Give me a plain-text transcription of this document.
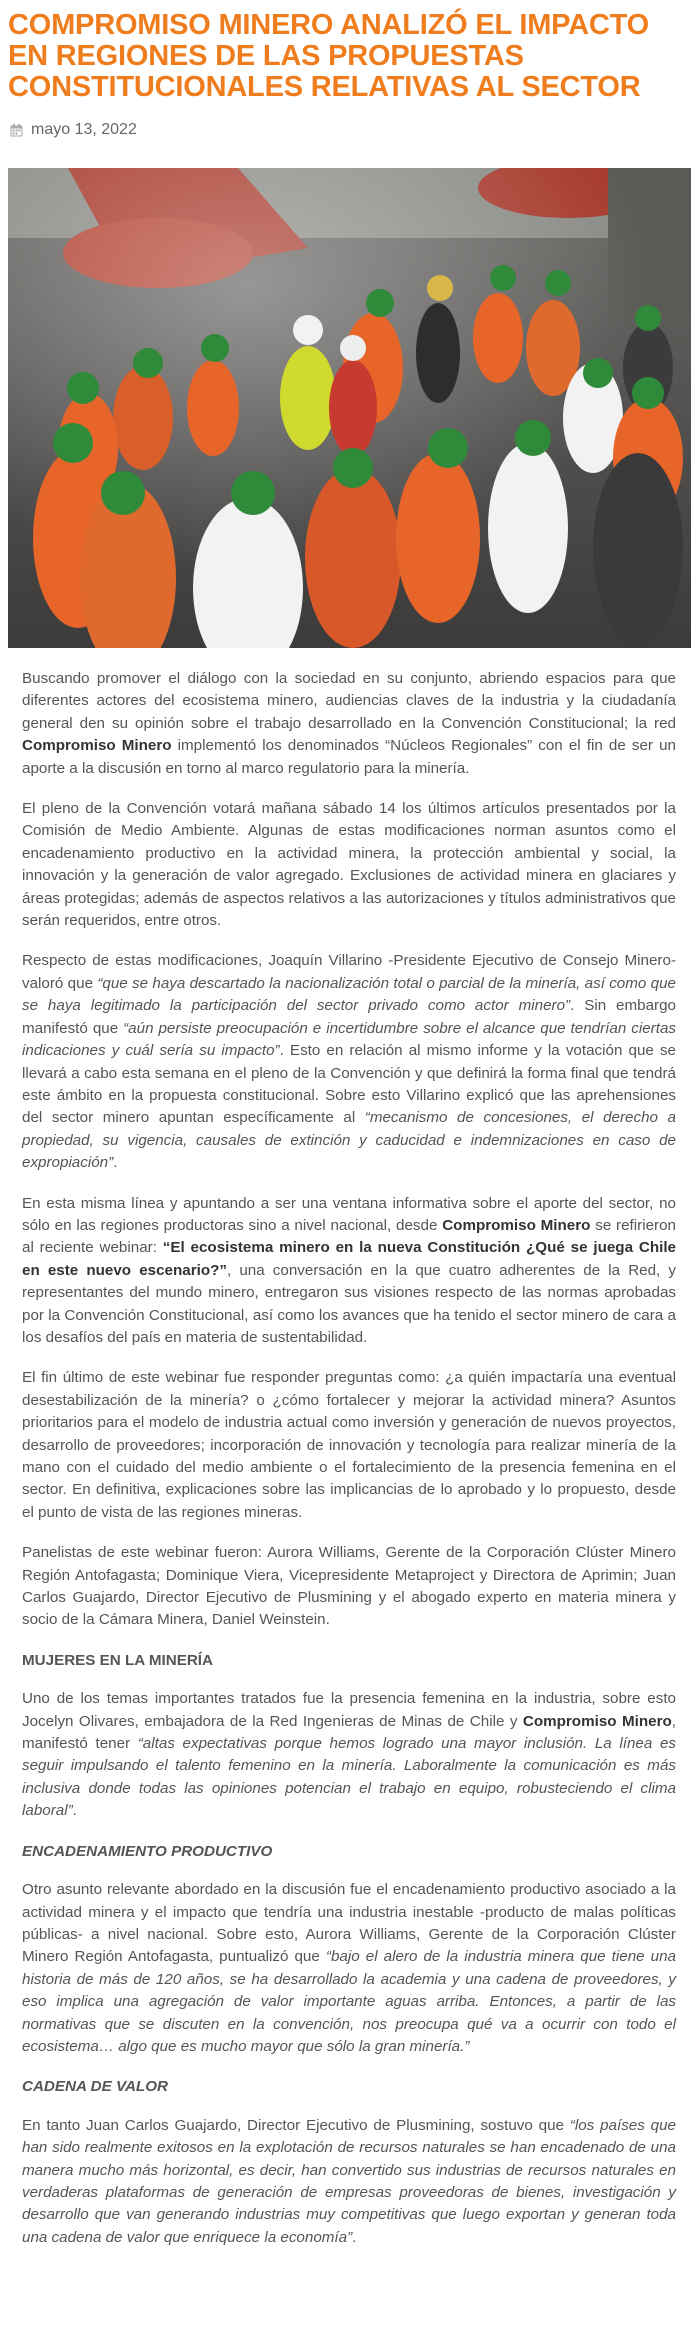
COMPROMISO MINERO ANALIZÓ EL IMPACTO EN REGIONES DE LAS PROPUESTAS CONSTITUCIONALES RELATIVAS AL SECTOR
mayo 13, 2022

Buscando promover el diálogo con la sociedad en su conjunto, abriendo espacios para que diferentes actores del ecosistema minero, audiencias claves de la industria y la ciudadanía general den su opinión sobre el trabajo desarrollado en la Convención Constitucional; la red Compromiso Minero implementó los denominados “Núcleos Regionales” con el fin de ser un aporte a la discusión en torno al marco regulatorio para la minería.

El pleno de la Convención votará mañana sábado 14 los últimos artículos presentados por la Comisión de Medio Ambiente. Algunas de estas modificaciones norman asuntos como el encadenamiento productivo en la actividad minera, la protección ambiental y social, la innovación y la generación de valor agregado. Exclusiones de actividad minera en glaciares y áreas protegidas; además de aspectos relativos a las autorizaciones y títulos administrativos que serán requeridos, entre otros.

Respecto de estas modificaciones, Joaquín Villarino -Presidente Ejecutivo de Consejo Minero- valoró que “que se haya descartado la nacionalización total o parcial de la minería, así como que se haya legitimado la participación del sector privado como actor minero”. Sin embargo manifestó que “aún persiste preocupación e incertidumbre sobre el alcance que tendrían ciertas indicaciones y cuál sería su impacto”. Esto en relación al mismo informe y la votación que se llevará a cabo esta semana en el pleno de la Convención y que definirá la forma final que tendrá este ámbito en la propuesta constitucional. Sobre esto Villarino explicó que las aprehensiones del sector minero apuntan específicamente al “mecanismo de concesiones, el derecho a propiedad, su vigencia, causales de extinción y caducidad e indemnizaciones en caso de expropiación”.

En esta misma línea y apuntando a ser una ventana informativa sobre el aporte del sector, no sólo en las regiones productoras sino a nivel nacional, desde Compromiso Minero se refirieron al reciente webinar: “El ecosistema minero en la nueva Constitución ¿Qué se juega Chile en este nuevo escenario?”, una conversación en la que cuatro adherentes de la Red, y representantes del mundo minero, entregaron sus visiones respecto de las normas aprobadas por la Convención Constitucional, así como los avances que ha tenido el sector minero de cara a los desafíos del país en materia de sustentabilidad.

El fin último de este webinar fue responder preguntas como: ¿a quién impactaría una eventual desestabilización de la minería? o ¿cómo fortalecer y mejorar la actividad minera? Asuntos prioritarios para el modelo de industria actual como inversión y generación de nuevos proyectos, desarrollo de proveedores; incorporación de innovación y tecnología para realizar minería de la mano con el cuidado del medio ambiente o el fortalecimiento de la presencia femenina en el sector. En definitiva, explicaciones sobre las implicancias de lo aprobado y lo propuesto, desde el punto de vista de las regiones mineras.

Panelistas de este webinar fueron: Aurora Williams, Gerente de la Corporación Clúster Minero Región Antofagasta; Dominique Viera, Vicepresidente Metaproject y Directora de Aprimin; Juan Carlos Guajardo, Director Ejecutivo de Plusmining y el abogado experto en materia minera y socio de la Cámara Minera, Daniel Weinstein.

MUJERES EN LA MINERÍA

Uno de los temas importantes tratados fue la presencia femenina en la industria, sobre esto Jocelyn Olivares, embajadora de la Red Ingenieras de Minas de Chile y Compromiso Minero, manifestó tener “altas expectativas porque hemos logrado una mayor inclusión. La línea es seguir impulsando el talento femenino en la minería. Laboralmente la comunicación es más inclusiva donde todas las opiniones potencian el trabajo en equipo, robusteciendo el clima laboral”.

ENCADENAMIENTO PRODUCTIVO

Otro asunto relevante abordado en la discusión fue el encadenamiento productivo asociado a la actividad minera y el impacto que tendría una industria inestable -producto de malas políticas públicas- a nivel nacional. Sobre esto, Aurora Williams, Gerente de la Corporación Clúster Minero Región Antofagasta, puntualizó que “bajo el alero de la industria minera que tiene una historia de más de 120 años, se ha desarrollado la academia y una cadena de proveedores, y eso implica una agregación de valor importante aguas arriba. Entonces, a partir de las normativas que se discuten en la convención, nos preocupa qué va a ocurrir con todo el ecosistema… algo que es mucho mayor que sólo la gran minería.”

CADENA DE VALOR

En tanto Juan Carlos Guajardo, Director Ejecutivo de Plusmining, sostuvo que “los países que han sido realmente exitosos en la explotación de recursos naturales se han encadenado de una manera mucho más horizontal, es decir, han convertido sus industrias de recursos naturales en verdaderas plataformas de generación de empresas proveedoras de bienes, investigación y desarrollo que van generando industrias muy competitivas que luego exportan y generan toda una cadena de valor que enriquece la economía”.
